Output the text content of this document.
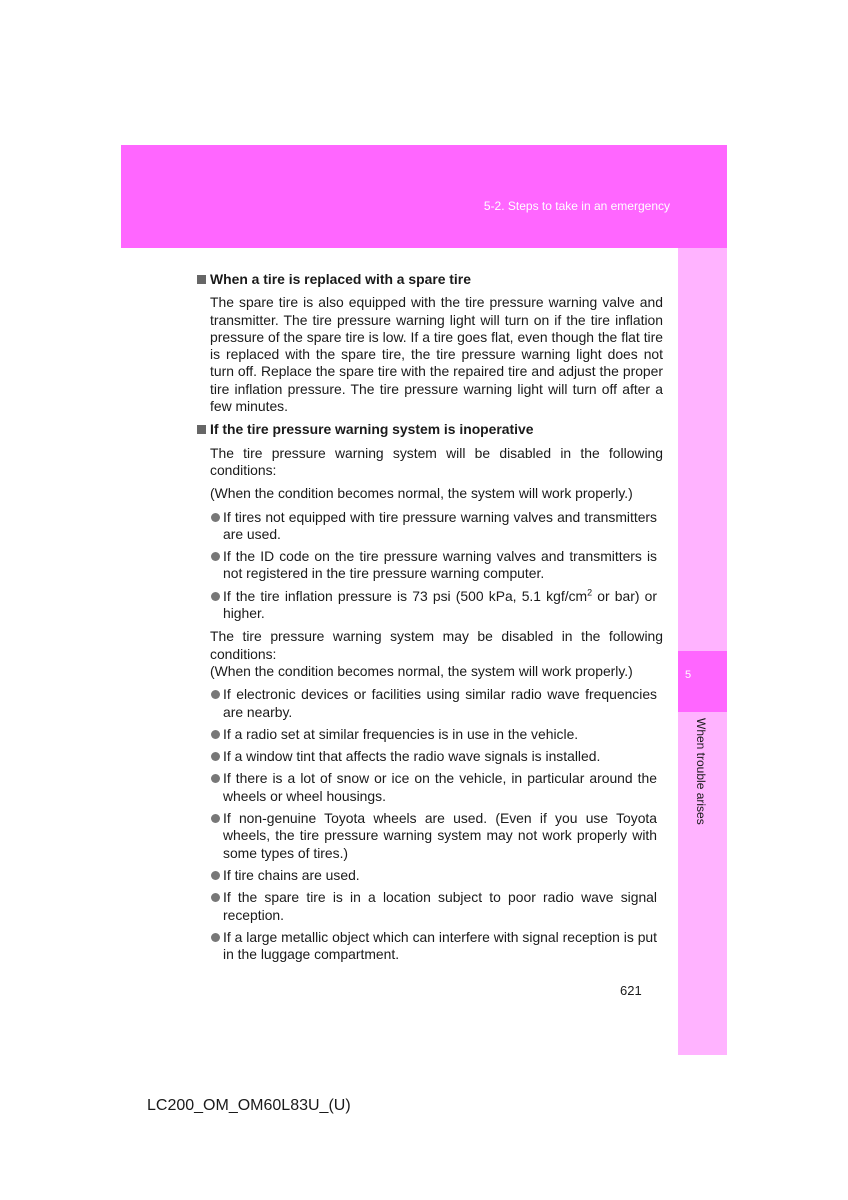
5-2. Steps to take in an emergency
5
When trouble arises
When a tire is replaced with a spare tire

The spare tire is also equipped with the tire pressure warning valve and transmitter. The tire pressure warning light will turn on if the tire inflation pressure of the spare tire is low. If a tire goes flat, even though the flat tire is replaced with the spare tire, the tire pressure warning light does not turn off. Replace the spare tire with the repaired tire and adjust the proper tire inflation pressure. The tire pressure warning light will turn off after a few minutes.

If the tire pressure warning system is inoperative

The tire pressure warning system will be disabled in the following conditions:

(When the condition becomes normal, the system will work properly.)

If tires not equipped with tire pressure warning valves and transmitters are used.
If the ID code on the tire pressure warning valves and transmitters is not registered in the tire pressure warning computer.
If the tire inflation pressure is 73 psi (500 kPa, 5.1 kgf/$cm^2$ or bar) or higher.

The tire pressure warning system may be disabled in the following conditions:

(When the condition becomes normal, the system will work properly.)

If electronic devices or facilities using similar radio wave frequencies are nearby.
If a radio set at similar frequencies is in use in the vehicle.
If a window tint that affects the radio wave signals is installed.
If there is a lot of snow or ice on the vehicle, in particular around the wheels or wheel housings.
If non-genuine Toyota wheels are used. (Even if you use Toyota wheels, the tire pressure warning system may not work properly with some types of tires.)
If tire chains are used.
If the spare tire is in a location subject to poor radio wave signal reception.
If a large metallic object which can interfere with signal reception is put in the luggage compartment.
621
LC200_OM_OM60L83U_(U)
